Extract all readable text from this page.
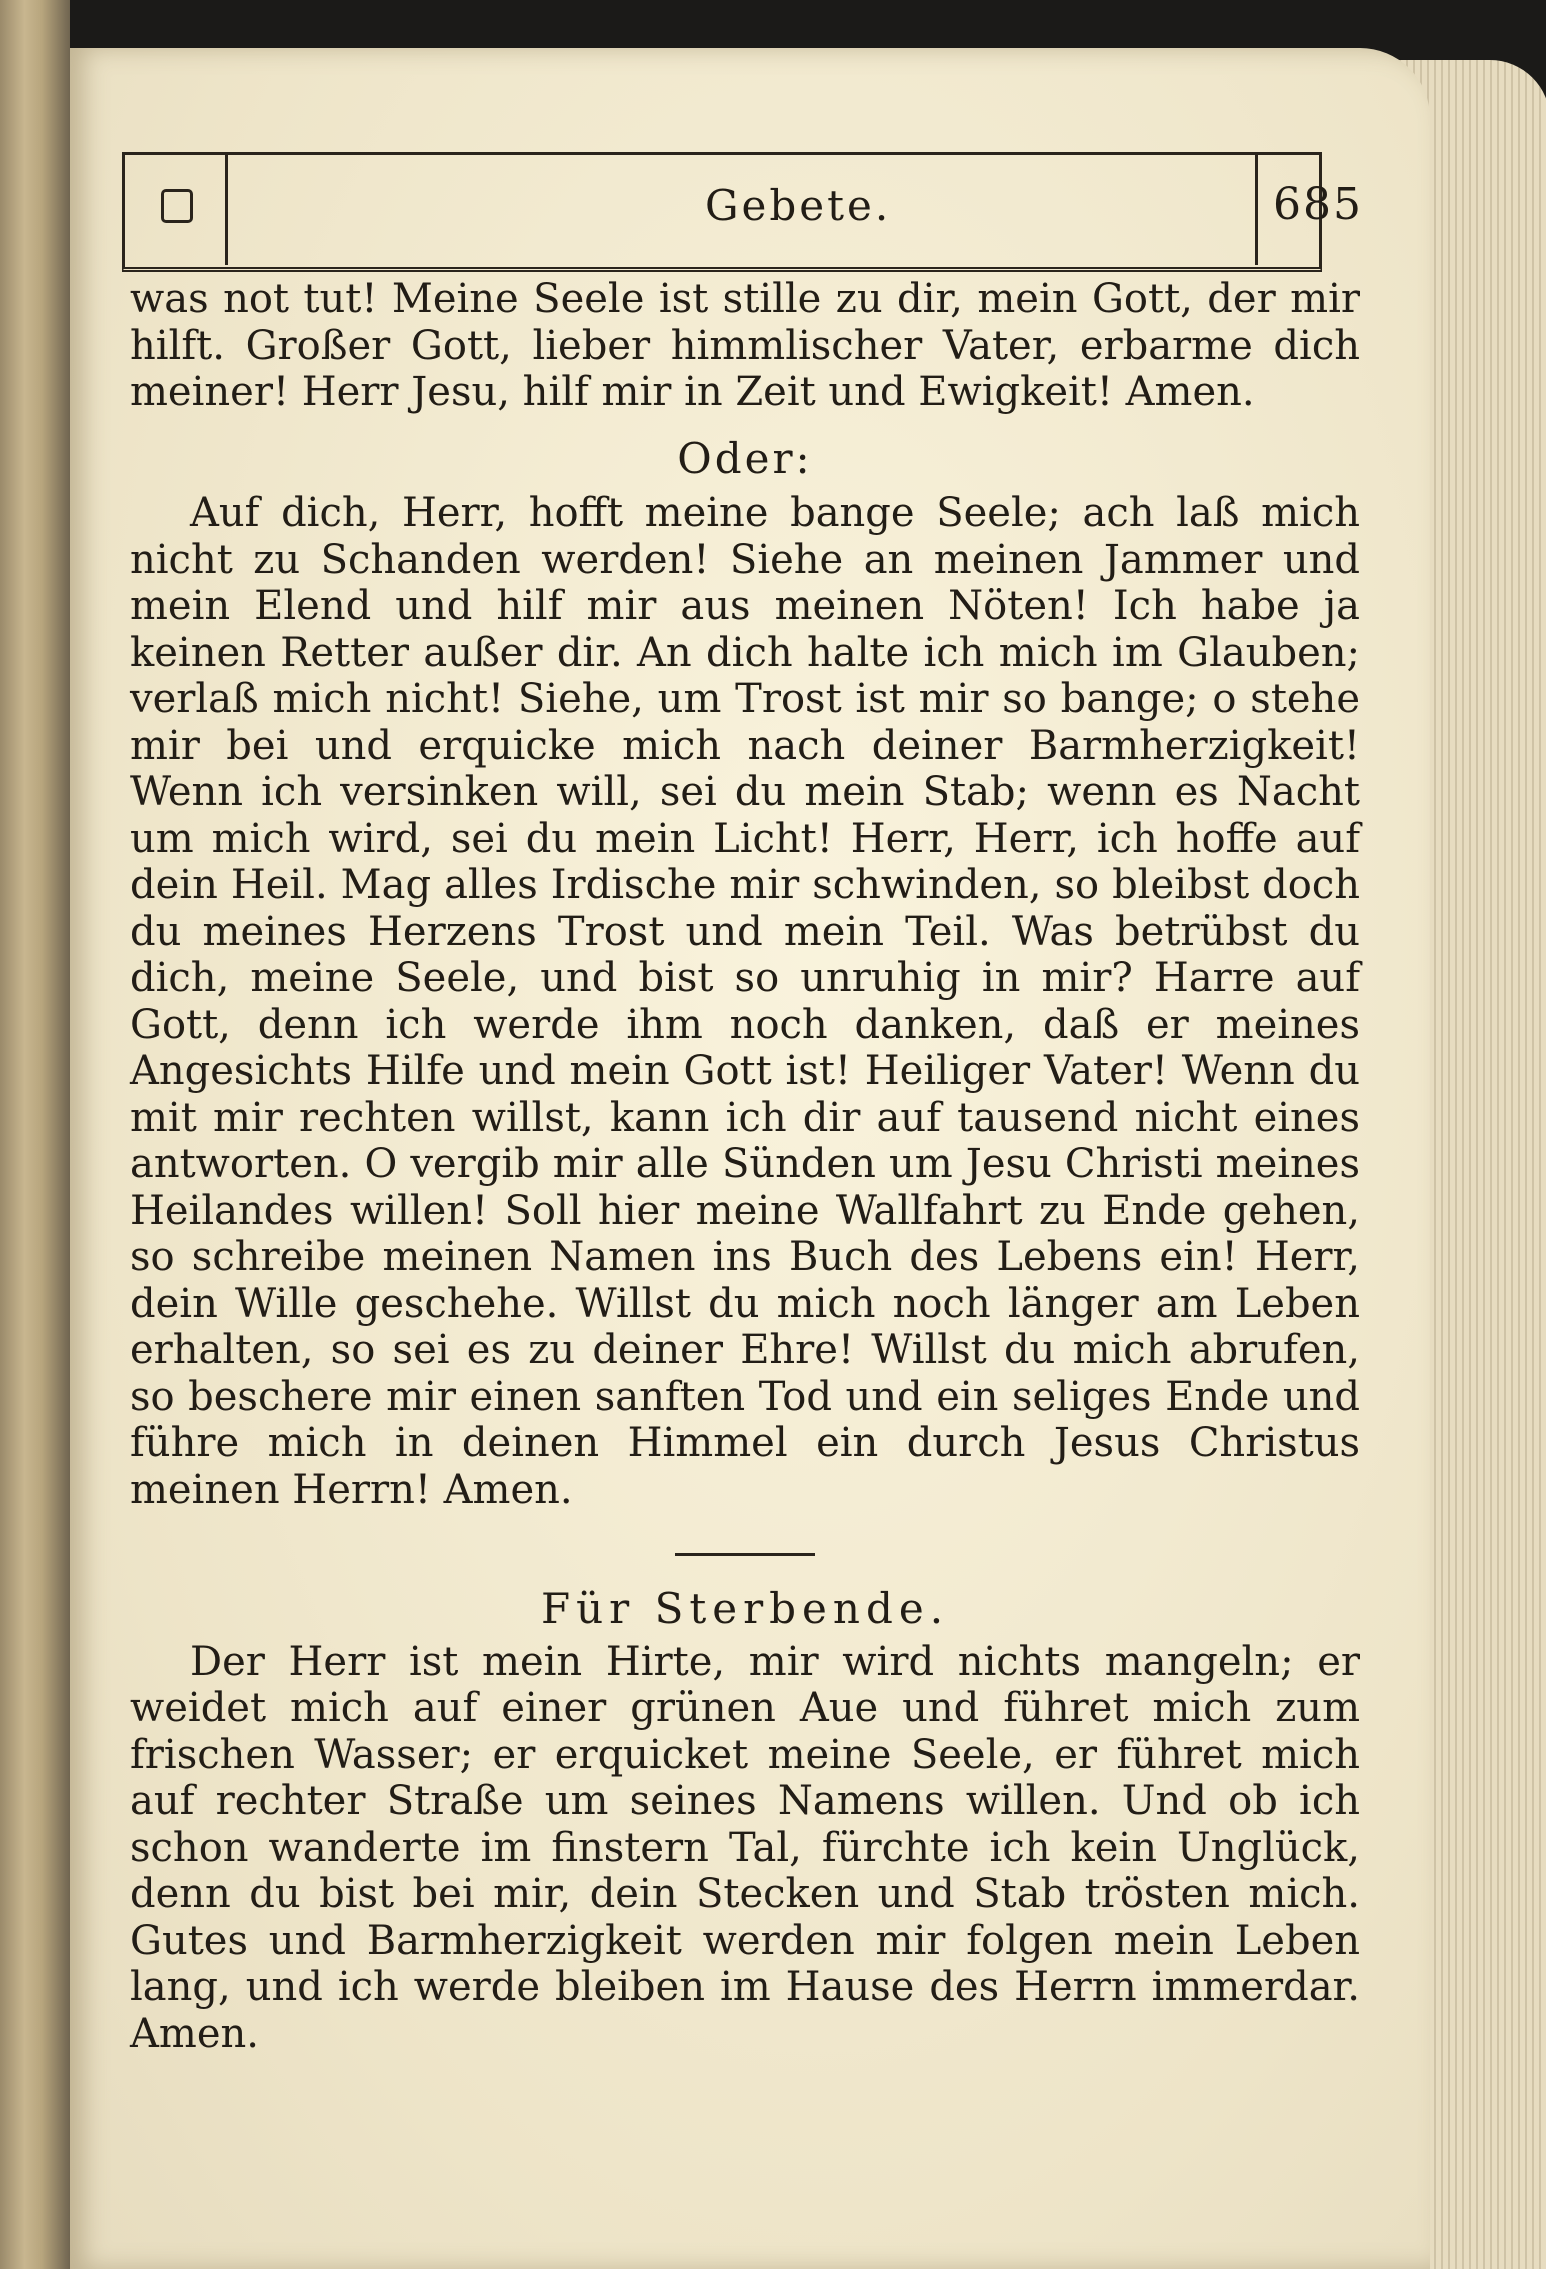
Gebete.	685

was not tut! Meine Seele ist stille zu dir, mein Gott, der mir hilft. Großer Gott, lieber himmlischer Vater, erbarme dich meiner! Herr Jesu, hilf mir in Zeit und Ewigkeit! Amen.

Oder:

Auf dich, Herr, hofft meine bange Seele; ach laß mich nicht zu Schanden werden! Siehe an meinen Jammer und mein Elend und hilf mir aus meinen Nöten! Ich habe ja keinen Retter außer dir. An dich halte ich mich im Glauben; verlaß mich nicht! Siehe, um Trost ist mir so bange; o stehe mir bei und erquicke mich nach deiner Barmherzigkeit! Wenn ich versinken will, sei du mein Stab; wenn es Nacht um mich wird, sei du mein Licht! Herr, Herr, ich hoffe auf dein Heil. Mag alles Irdische mir schwinden, so bleibst doch du meines Herzens Trost und mein Teil. Was betrübst du dich, meine Seele, und bist so unruhig in mir? Harre auf Gott, denn ich werde ihm noch danken, daß er meines Angesichts Hilfe und mein Gott ist! Heiliger Vater! Wenn du mit mir rechten willst, kann ich dir auf tausend nicht eines antworten. O vergib mir alle Sünden um Jesu Christi meines Heilandes willen! Soll hier meine Wallfahrt zu Ende gehen, so schreibe meinen Namen ins Buch des Lebens ein! Herr, dein Wille geschehe. Willst du mich noch länger am Leben erhalten, so sei es zu deiner Ehre! Willst du mich abrufen, so beschere mir einen sanften Tod und ein seliges Ende und führe mich in deinen Himmel ein durch Jesus Christus meinen Herrn! Amen.

Für Sterbende.

Der Herr ist mein Hirte, mir wird nichts mangeln; er weidet mich auf einer grünen Aue und führet mich zum frischen Wasser; er erquicket meine Seele, er führet mich auf rechter Straße um seines Namens willen. Und ob ich schon wanderte im finstern Tal, fürchte ich kein Unglück, denn du bist bei mir, dein Stecken und Stab trösten mich. Gutes und Barmherzigkeit werden mir folgen mein Leben lang, und ich werde bleiben im Hause des Herrn immerdar. Amen.
